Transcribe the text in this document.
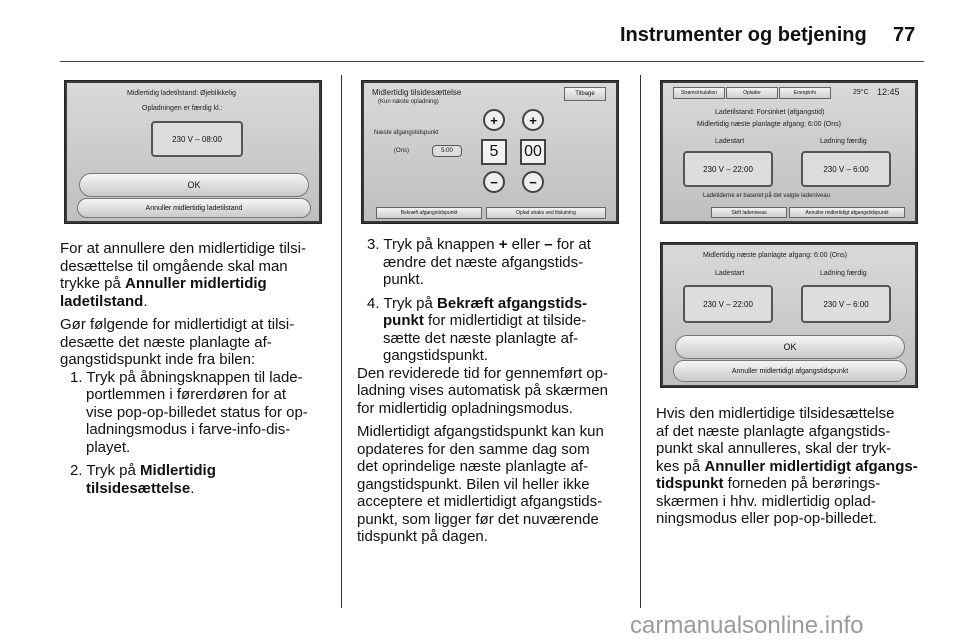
Instrumenter og betjening 77
Midlertidig ladetilstand: Øjeblikkelig
Opladningen er færdig kl.:
230 V – 08:00
OK
Annuller midlertidig ladetilstand
Midlertidig tilsidesættelse
(Kun næste opladning)
Tilbage
Næste afgangstidspunkt
(Ons)	5:00
+
5
−
+
00
−
Bekræft afgangstidspunkt	Oplad straks ved tilslutning
Strømcirkulation	Oplader	Energiinfo	29°C 12:45
Ladetilstand: Forsinket (afgangstid)
Midlertidig næste planlagte afgang: 6:00 (Ons)
Ladestart	Ladning færdig
230 V – 22:00	230 V – 6:00
Ladetiderne er baseret på det valgte ladeniveau
Skift ladeniveau	Annuller midlertidigt afgangstidspunkt
Midlertidig næste planlagte afgang: 6:00 (Ons)
Ladestart	Ladning færdig
230 V – 22:00	230 V – 6:00
OK
Annuller midlertidigt afgangstidspunkt

For at annullere den midlertidige tilsi-
desættelse til omgående skal man
trykke på Annuller midlertidig
ladetilstand.

Gør følgende for midlertidigt at tilsi-
desætte det næste planlagte af-
gangstidspunkt inde fra bilen:

1. Tryk på åbningsknappen til lade-
portlemmen i førerdøren for at
vise pop-op-billedet status for op-
ladningsmodus i farve-info-dis-
playet.

2. Tryk på Midlertidig
tilsidesættelse.

3. Tryk på knappen + eller – for at
ændre det næste afgangstids-
punkt.

4. Tryk på Bekræft afgangstids-
punkt for midlertidigt at tilside-
sætte det næste planlagte af-
gangstidspunkt.

Den reviderede tid for gennemført op-
ladning vises automatisk på skærmen
for midlertidig opladningsmodus.

Midlertidigt afgangstidspunkt kan kun
opdateres for den samme dag som
det oprindelige næste planlagte af-
gangstidspunkt. Bilen vil heller ikke
acceptere et midlertidigt afgangstids-
punkt, som ligger før det nuværende
tidspunkt på dagen.

Hvis den midlertidige tilsidesættelse
af det næste planlagte afgangstids-
punkt skal annulleres, skal der tryk-
kes på Annuller midlertidigt afgangs-
tidspunkt forneden på berørings-
skærmen i hhv. midlertidig oplad-
ningsmodus eller pop-op-billedet.

carmanualsonline.info
